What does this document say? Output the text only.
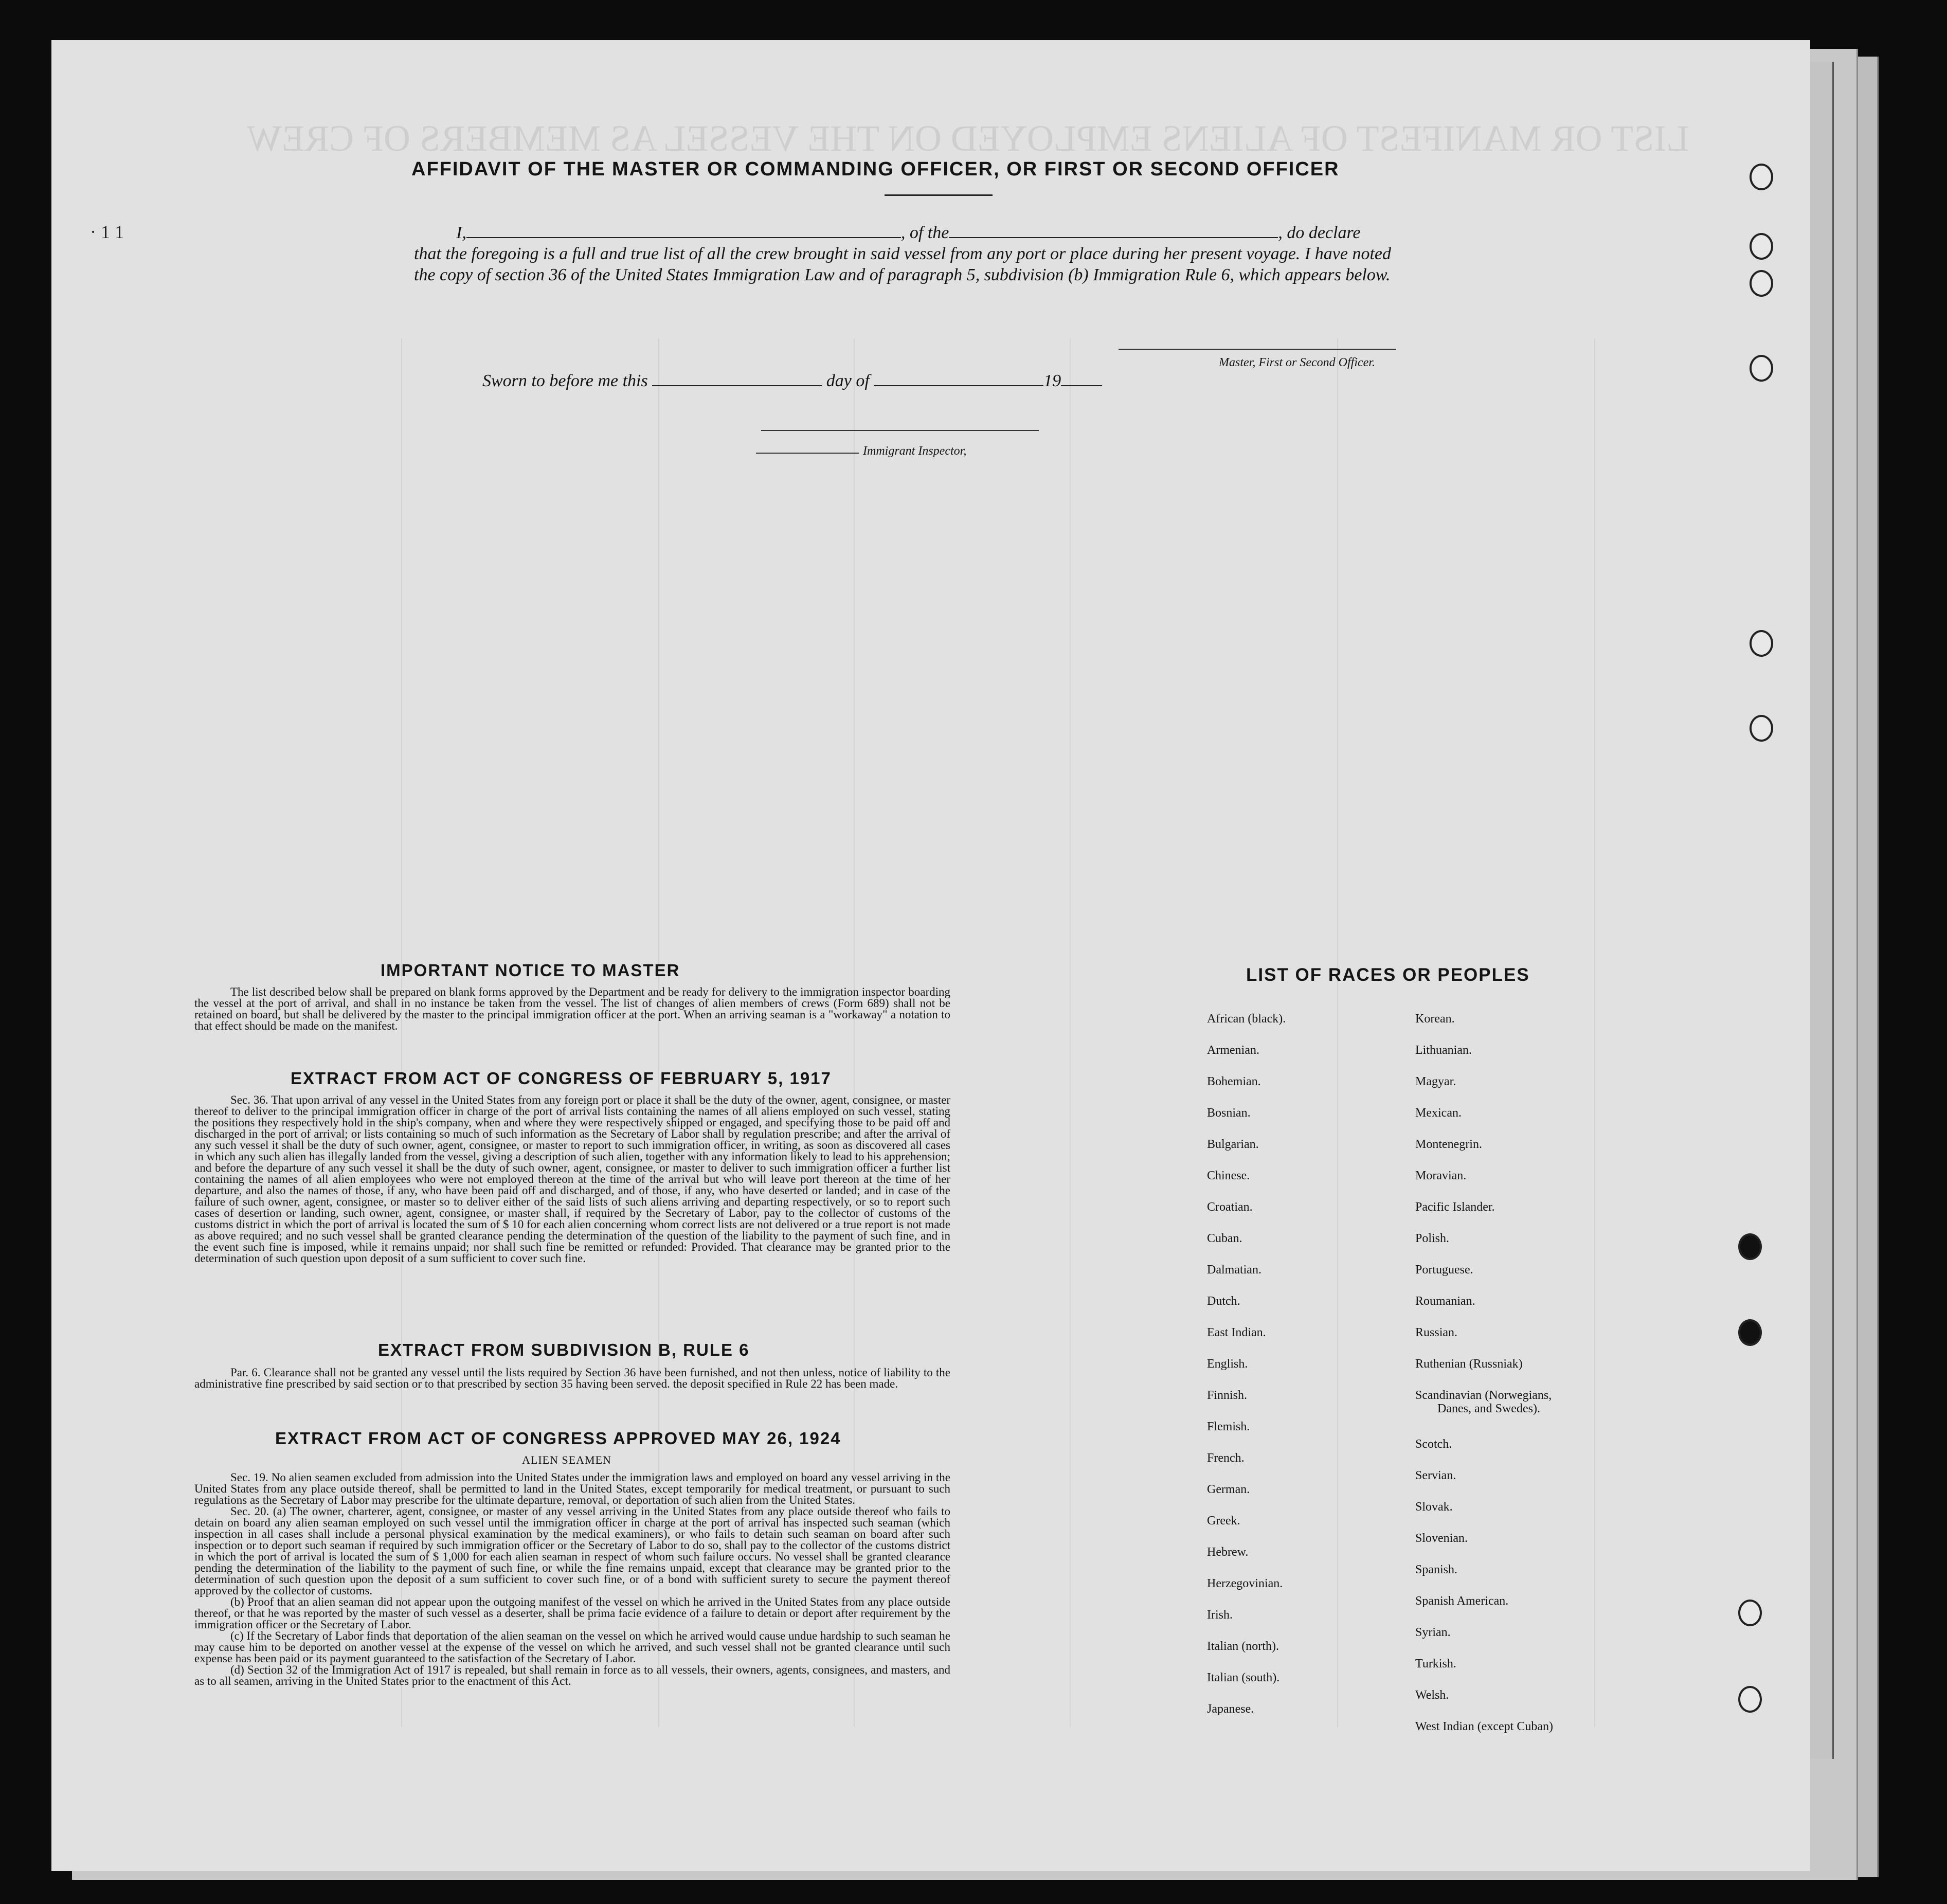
LIST OR MANIFEST OF ALIENS EMPLOYED ON THE VESSEL AS MEMBERS OF CREW
· 1 1
AFFIDAVIT OF THE MASTER OR COMMANDING OFFICER, OR FIRST OR SECOND OFFICER

I,	, of the	, do declare

that the foregoing is a full and true list of all the crew brought in said vessel from any port or place during her present voyage. I have noted the copy of section 36 of the United States Immigration Law and of paragraph 5, subdivision (b) Immigration Rule 6, which appears below.

Master, First or Second Officer.
Sworn to before me this	day of	19
Immigrant Inspector,
IMPORTANT NOTICE TO MASTER
The list described below shall be prepared on blank forms approved by the Department and be ready for delivery to the immigration inspector boarding the vessel at the port of arrival, and shall in no instance be taken from the vessel. The list of changes of alien members of crews (Form 689) shall not be retained on board, but shall be delivered by the master to the principal immigration officer at the port. When an arriving seaman is a "workaway" a notation to that effect should be made on the manifest.
EXTRACT FROM ACT OF CONGRESS OF FEBRUARY 5, 1917
Sec. 36. That upon arrival of any vessel in the United States from any foreign port or place it shall be the duty of the owner, agent, consignee, or master thereof to deliver to the principal immigration officer in charge of the port of arrival lists containing the names of all aliens employed on such vessel, stating the positions they respectively hold in the ship's company, when and where they were respectively shipped or engaged, and specifying those to be paid off and discharged in the port of arrival; or lists containing so much of such information as the Secretary of Labor shall by regulation prescribe; and after the arrival of any such vessel it shall be the duty of such owner, agent, consignee, or master to report to such immigration officer, in writing, as soon as discovered all cases in which any such alien has illegally landed from the vessel, giving a description of such alien, together with any information likely to lead to his apprehension; and before the departure of any such vessel it shall be the duty of such owner, agent, consignee, or master to deliver to such immigration officer a further list containing the names of all alien employees who were not employed thereon at the time of the arrival but who will leave port thereon at the time of her departure, and also the names of those, if any, who have been paid off and discharged, and of those, if any, who have deserted or landed; and in case of the failure of such owner, agent, consignee, or master so to deliver either of the said lists of such aliens arriving and departing respectively, or so to report such cases of desertion or landing, such owner, agent, consignee, or master shall, if required by the Secretary of Labor, pay to the collector of customs of the customs district in which the port of arrival is located the sum of $ 10 for each alien concerning whom correct lists are not delivered or a true report is not made as above required; and no such vessel shall be granted clearance pending the determination of the question of the liability to the payment of such fine, and in the event such fine is imposed, while it remains unpaid; nor shall such fine be remitted or refunded: Provided. That clearance may be granted prior to the determination of such question upon deposit of a sum sufficient to cover such fine.
EXTRACT FROM SUBDIVISION B, RULE 6
Par. 6. Clearance shall not be granted any vessel until the lists required by Section 36 have been furnished, and not then unless, notice of liability to the administrative fine prescribed by said section or to that prescribed by section 35 having been served. the deposit specified in Rule 22 has been made.
EXTRACT FROM ACT OF CONGRESS APPROVED MAY 26, 1924
ALIEN SEAMEN

Sec. 19. No alien seamen excluded from admission into the United States under the immigration laws and employed on board any vessel arriving in the United States from any place outside thereof, shall be permitted to land in the United States, except temporarily for medical treatment, or pursuant to such regulations as the Secretary of Labor may prescribe for the ultimate departure, removal, or deportation of such alien from the United States.

Sec. 20. (a) The owner, charterer, agent, consignee, or master of any vessel arriving in the United States from any place outside thereof who fails to detain on board any alien seaman employed on such vessel until the immigration officer in charge at the port of arrival has inspected such seaman (which inspection in all cases shall include a personal physical examination by the medical examiners), or who fails to detain such seaman on board after such inspection or to deport such seaman if required by such immigration officer or the Secretary of Labor to do so, shall pay to the collector of the customs district in which the port of arrival is located the sum of $ 1,000 for each alien seaman in respect of whom such failure occurs. No vessel shall be granted clearance pending the determination of the liability to the payment of such fine, or while the fine remains unpaid, except that clearance may be granted prior to the determination of such question upon the deposit of a sum sufficient to cover such fine, or of a bond with sufficient surety to secure the payment thereof approved by the collector of customs.

(b) Proof that an alien seaman did not appear upon the outgoing manifest of the vessel on which he arrived in the United States from any place outside thereof, or that he was reported by the master of such vessel as a deserter, shall be prima facie evidence of a failure to detain or deport after requirement by the immigration officer or the Secretary of Labor.

(c) If the Secretary of Labor finds that deportation of the alien seaman on the vessel on which he arrived would cause undue hardship to such seaman he may cause him to be deported on another vessel at the expense of the vessel on which he arrived, and such vessel shall not be granted clearance until such expense has been paid or its payment guaranteed to the satisfaction of the Secretary of Labor.

(d) Section 32 of the Immigration Act of 1917 is repealed, but shall remain in force as to all vessels, their owners, agents, consignees, and masters, and as to all seamen, arriving in the United States prior to the enactment of this Act.

LIST OF RACES OR PEOPLES
African (black).
Armenian.
Bohemian.
Bosnian.
Bulgarian.
Chinese.
Croatian.
Cuban.
Dalmatian.
Dutch.
East Indian.
English.
Finnish.
Flemish.
French.
German.
Greek.
Hebrew.
Herzegovinian.
Irish.
Italian (north).
Italian (south).
Japanese.
Korean.
Lithuanian.
Magyar.
Mexican.
Montenegrin.
Moravian.
Pacific Islander.
Polish.
Portuguese.
Roumanian.
Russian.
Ruthenian (Russniak)
Scandinavian (Norwegians,
Danes, and Swedes).
Scotch.
Servian.
Slovak.
Slovenian.
Spanish.
Spanish American.
Syrian.
Turkish.
Welsh.
West Indian (except Cuban)
